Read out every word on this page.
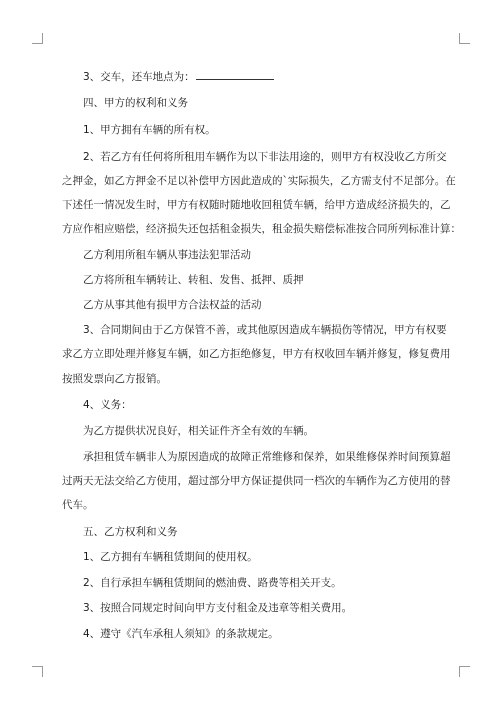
3、交车，还车地点为：
四、甲方的权利和义务
1、甲方拥有车辆的所有权。
2、若乙方有任何将所租用车辆作为以下非法用途的，则甲方有权没收乙方所交
之押金，如乙方押金不足以补偿甲方因此造成的`实际损失，乙方需支付不足部分。在
下述任一情况发生时，甲方有权随时随地收回租赁车辆，给甲方造成经济损失的，乙
方应作相应赔偿，经济损失还包括租金损失，租金损失赔偿标准按合同所列标准计算：
乙方利用所租车辆从事违法犯罪活动
乙方将所租车辆转让、转租、发售、抵押、质押
乙方从事其他有损甲方合法权益的活动
3、合同期间由于乙方保管不善，或其他原因造成车辆损伤等情况，甲方有权要
求乙方立即处理并修复车辆，如乙方拒绝修复，甲方有权收回车辆并修复，修复费用
按照发票向乙方报销。
4、义务：
为乙方提供状况良好，相关证件齐全有效的车辆。
承担租赁车辆非人为原因造成的故障正常维修和保养，如果维修保养时间预算超
过两天无法交给乙方使用，超过部分甲方保证提供同一档次的车辆作为乙方使用的替
代车。
五、乙方权利和义务
1、乙方拥有车辆租赁期间的使用权。
2、自行承担车辆租赁期间的燃油费、路费等相关开支。
3、按照合同规定时间向甲方支付租金及违章等相关费用。
4、遵守《汽车承租人须知》的条款规定。
